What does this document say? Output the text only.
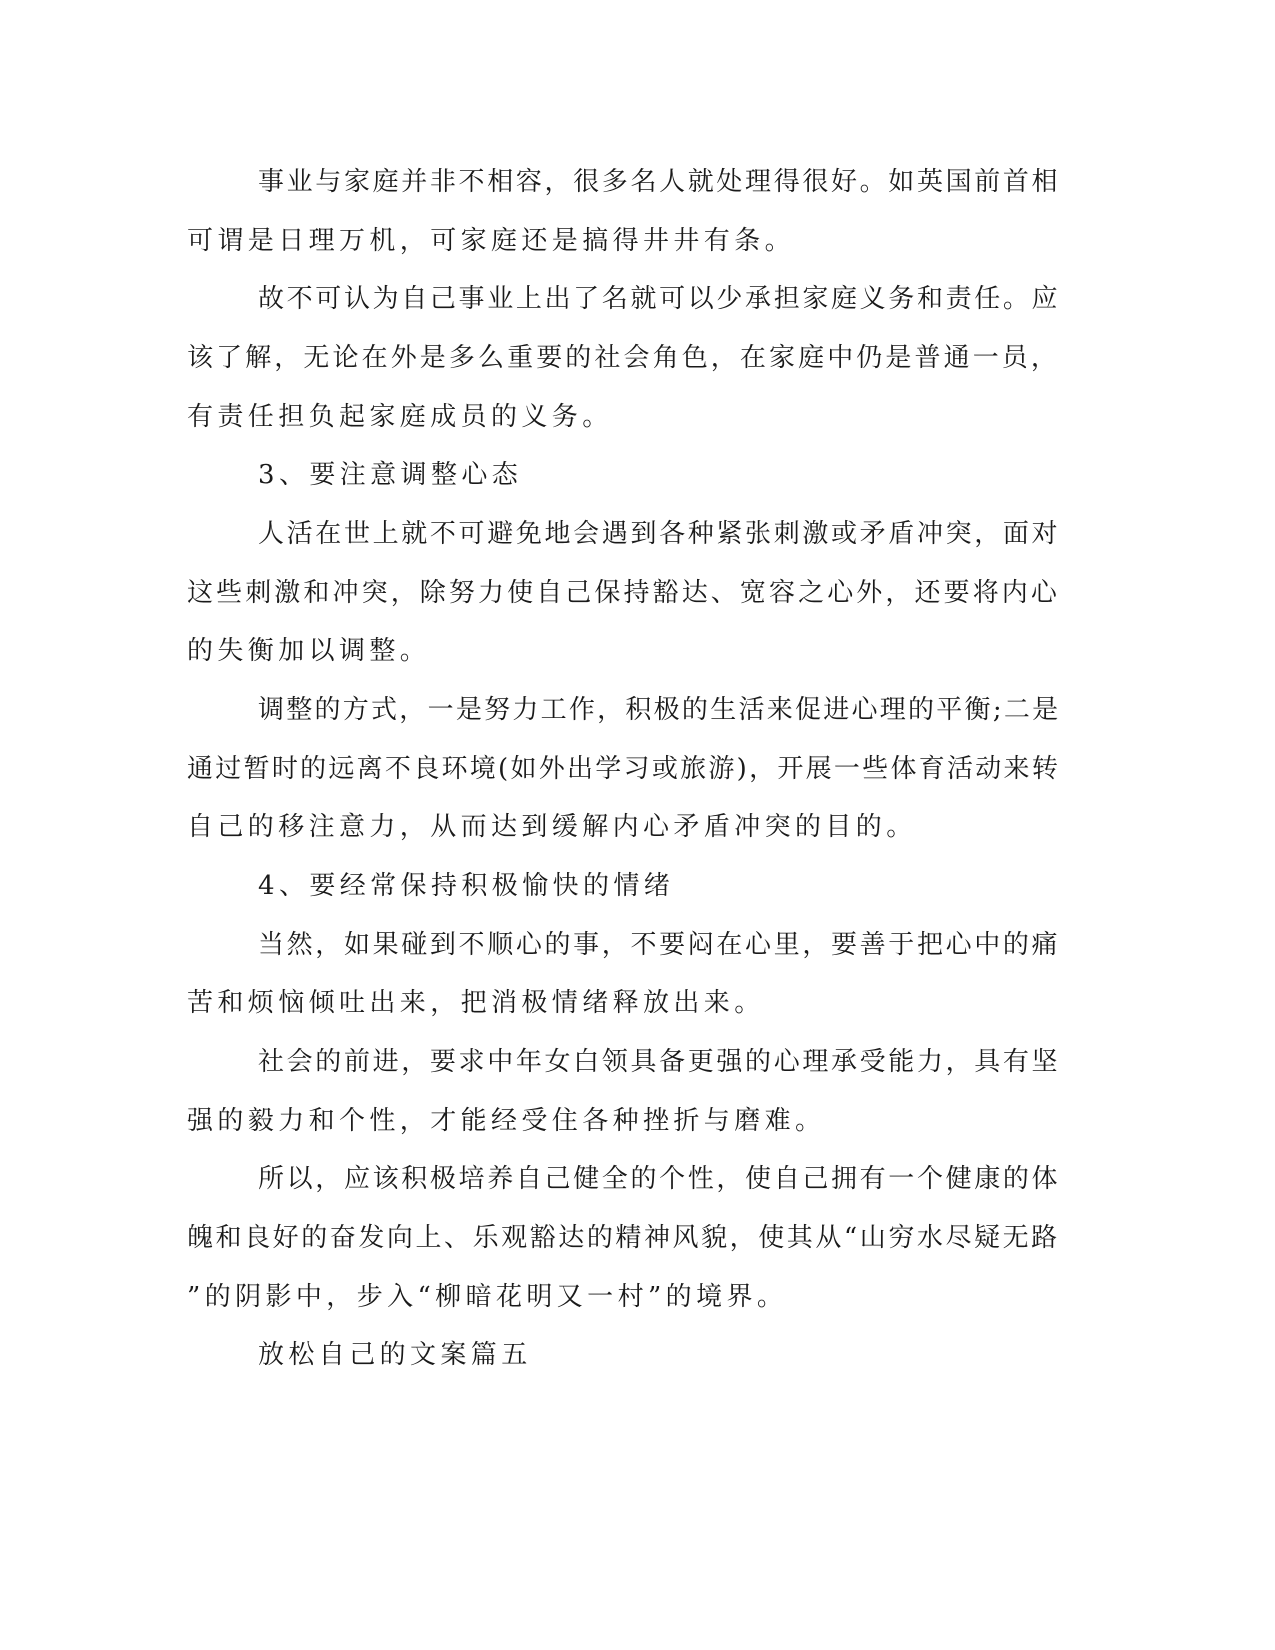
事业与家庭并非不相容，很多名人就处理得很好。如英国前首相

可谓是日理万机，可家庭还是搞得井井有条。

故不可认为自己事业上出了名就可以少承担家庭义务和责任。应

该了解，无论在外是多么重要的社会角色，在家庭中仍是普通一员，

有责任担负起家庭成员的义务。

3、要注意调整心态

人活在世上就不可避免地会遇到各种紧张刺激或矛盾冲突，面对

这些刺激和冲突，除努力使自己保持豁达、宽容之心外，还要将内心

的失衡加以调整。

调整的方式，一是努力工作，积极的生活来促进心理的平衡;二是

通过暂时的远离不良环境(如外出学习或旅游)，开展一些体育活动来转

自己的移注意力，从而达到缓解内心矛盾冲突的目的。

4、要经常保持积极愉快的情绪

当然，如果碰到不顺心的事，不要闷在心里，要善于把心中的痛

苦和烦恼倾吐出来，把消极情绪释放出来。

社会的前进，要求中年女白领具备更强的心理承受能力，具有坚

强的毅力和个性，才能经受住各种挫折与磨难。

所以，应该积极培养自己健全的个性，使自己拥有一个健康的体

魄和良好的奋发向上、乐观豁达的精神风貌，使其从“山穷水尽疑无路

”的阴影中，步入“柳暗花明又一村”的境界。

放松自己的文案篇五
